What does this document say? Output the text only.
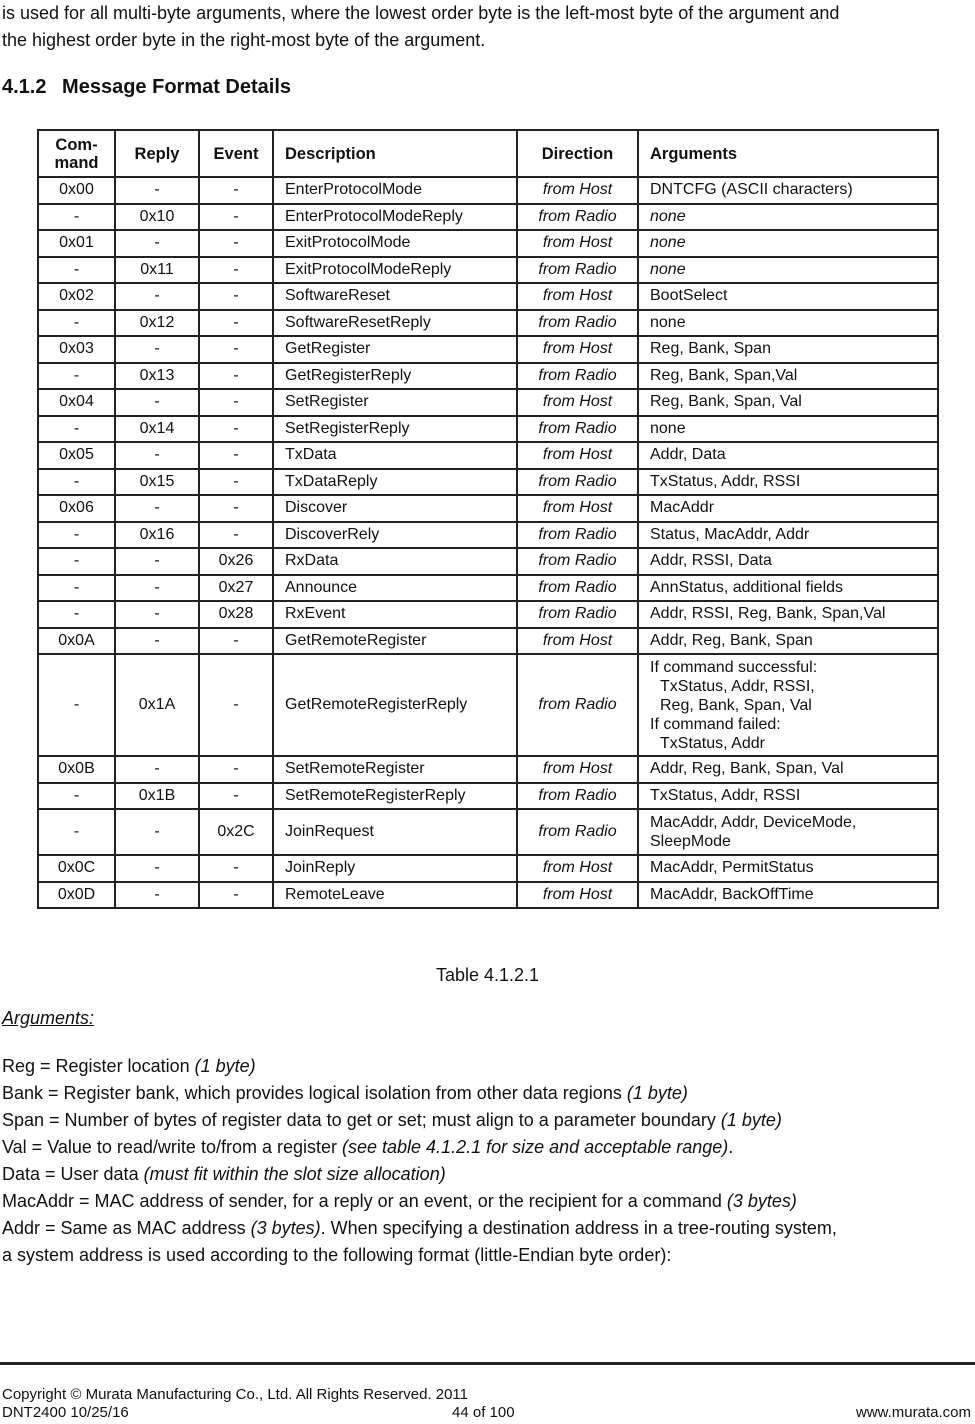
is used for all multi-byte arguments, where the lowest order byte is the left-most byte of the argument and
the highest order byte in the right-most byte of the argument.
4.1.2 Message Format Details
Com-
mand	Reply	Event	Description	Direction	Arguments
0x00	-	-	EnterProtocolMode	from Host	DNTCFG (ASCII characters)
-	0x10	-	EnterProtocolModeReply	from Radio	none
0x01	-	-	ExitProtocolMode	from Host	none
-	0x11	-	ExitProtocolModeReply	from Radio	none
0x02	-	-	SoftwareReset	from Host	BootSelect
-	0x12	-	SoftwareResetReply	from Radio	none
0x03	-	-	GetRegister	from Host	Reg, Bank, Span
-	0x13	-	GetRegisterReply	from Radio	Reg, Bank, Span,Val
0x04	-	-	SetRegister	from Host	Reg, Bank, Span, Val
-	0x14	-	SetRegisterReply	from Radio	none
0x05	-	-	TxData	from Host	Addr, Data
-	0x15	-	TxDataReply	from Radio	TxStatus, Addr, RSSI
0x06	-	-	Discover	from Host	MacAddr
-	0x16	-	DiscoverRely	from Radio	Status, MacAddr, Addr
-	-	0x26	RxData	from Radio	Addr, RSSI, Data
-	-	0x27	Announce	from Radio	AnnStatus, additional fields
-	-	0x28	RxEvent	from Radio	Addr, RSSI, Reg, Bank, Span,Val
0x0A	-	-	GetRemoteRegister	from Host	Addr, Reg, Bank, Span
-	0x1A	-	GetRemoteRegisterReply	from Radio	If command successful:
TxStatus, Addr, RSSI,
Reg, Bank, Span, Val
If command failed:
TxStatus, Addr

0x0B	-	-	SetRemoteRegister	from Host	Addr, Reg, Bank, Span, Val
-	0x1B	-	SetRemoteRegisterReply	from Radio	TxStatus, Addr, RSSI
-	-	0x2C	JoinRequest	from Radio	MacAddr, Addr, DeviceMode,
SleepMode

0x0C	-	-	JoinReply	from Host	MacAddr, PermitStatus
0x0D	-	-	RemoteLeave	from Host	MacAddr, BackOffTime
Table 4.1.2.1
Arguments:
Reg = Register location (1 byte)
Bank = Register bank, which provides logical isolation from other data regions (1 byte)
Span = Number of bytes of register data to get or set; must align to a parameter boundary (1 byte)
Val = Value to read/write to/from a register (see table 4.1.2.1 for size and acceptable range).
Data = User data (must fit within the slot size allocation)
MacAddr = MAC address of sender, for a reply or an event, or the recipient for a command (3 bytes)
Addr = Same as MAC address (3 bytes). When specifying a destination address in a tree-routing system,
a system address is used according to the following format (little-Endian byte order):
Copyright © Murata Manufacturing Co., Ltd. All Rights Reserved. 2011
DNT2400 10/25/16	44 of 100	www.murata.com
